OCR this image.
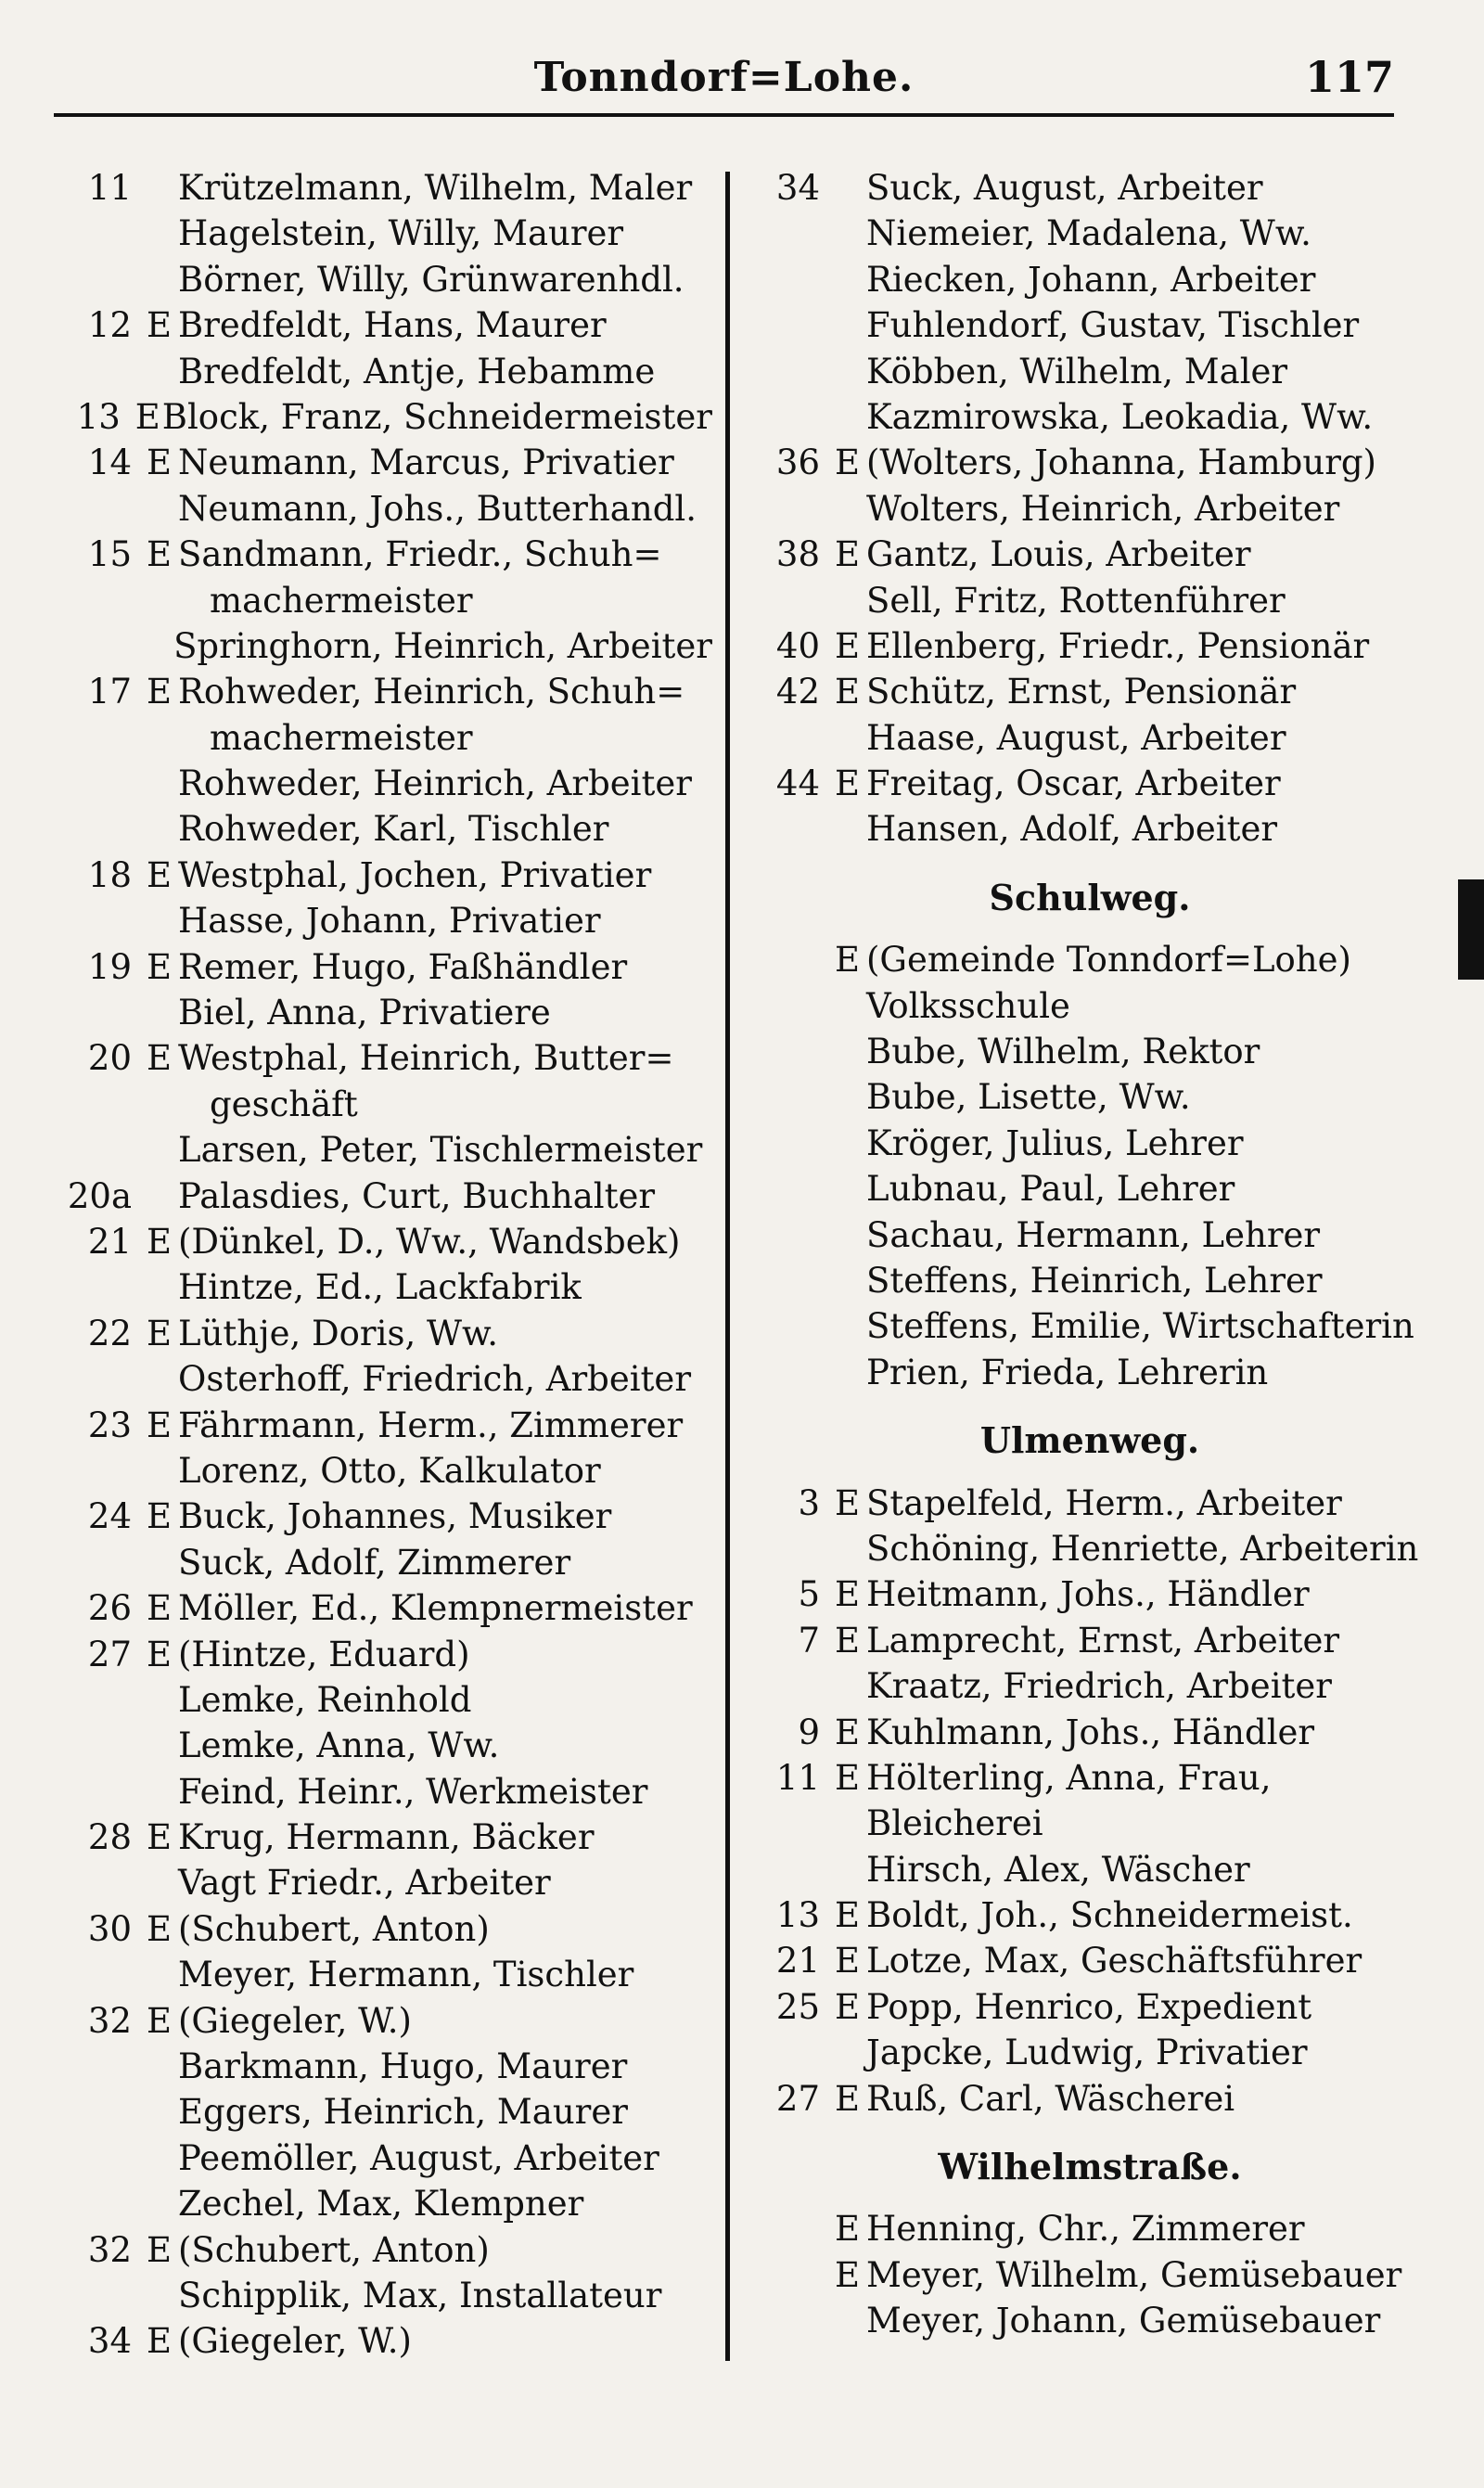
Tonndorf=Lohe.	117
11	Krützelmann, Wilhelm, Maler
Hagelstein, Willy, Maurer
Börner, Willy, Grünwarenhdl.
12 E Bredfeldt, Hans, Maurer
Bredfeldt, Antje, Hebamme
13 E Block, Franz, Schneidermeister
14 E Neumann, Marcus, Privatier
Neumann, Johs., Butterhandl.
15 E Sandmann, Friedr., Schuh=
machermeister
Springhorn, Heinrich, Arbeiter
17 E Rohweder, Heinrich, Schuh=
machermeister
Rohweder, Heinrich, Arbeiter
Rohweder, Karl, Tischler
18 E Westphal, Jochen, Privatier
Hasse, Johann, Privatier
19 E Remer, Hugo, Faßhändler
Biel, Anna, Privatiere
20 E Westphal, Heinrich, Butter=
geschäft
Larsen, Peter, Tischlermeister
20a	Palasdies, Curt, Buchhalter
21 E (Dünkel, D., Ww., Wandsbek)
Hintze, Ed., Lackfabrik
22 E Lüthje, Doris, Ww.
Osterhoff, Friedrich, Arbeiter
23 E Fährmann, Herm., Zimmerer
Lorenz, Otto, Kalkulator
24 E Buck, Johannes, Musiker
Suck, Adolf, Zimmerer
26 E Möller, Ed., Klempnermeister
27 E (Hintze, Eduard)
Lemke, Reinhold
Lemke, Anna, Ww.
Feind, Heinr., Werkmeister
28 E Krug, Hermann, Bäcker
Vagt Friedr., Arbeiter
30 E (Schubert, Anton)
Meyer, Hermann, Tischler
32 E (Giegeler, W.)
Barkmann, Hugo, Maurer
Eggers, Heinrich, Maurer
Peemöller, August, Arbeiter
Zechel, Max, Klempner
32 E (Schubert, Anton)
Schipplik, Max, Installateur
34 E (Giegeler, W.)
34	Suck, August, Arbeiter
Niemeier, Madalena, Ww.
Riecken, Johann, Arbeiter
Fuhlendorf, Gustav, Tischler
Köbben, Wilhelm, Maler
Kazmirowska, Leokadia, Ww.
36 E (Wolters, Johanna, Hamburg)
Wolters, Heinrich, Arbeiter
38 E Gantz, Louis, Arbeiter
Sell, Fritz, Rottenführer
40 E Ellenberg, Friedr., Pensionär
42 E Schütz, Ernst, Pensionär
Haase, August, Arbeiter
44 E Freitag, Oscar, Arbeiter
Hansen, Adolf, Arbeiter
Schulweg.
E (Gemeinde Tonndorf=Lohe)
Volksschule
Bube, Wilhelm, Rektor
Bube, Lisette, Ww.
Kröger, Julius, Lehrer
Lubnau, Paul, Lehrer
Sachau, Hermann, Lehrer
Steffens, Heinrich, Lehrer
Steffens, Emilie, Wirtschafterin
Prien, Frieda, Lehrerin
Ulmenweg.
3 E Stapelfeld, Herm., Arbeiter
Schöning, Henriette, Arbeiterin
5 E Heitmann, Johs., Händler
7 E Lamprecht, Ernst, Arbeiter
Kraatz, Friedrich, Arbeiter
9 E Kuhlmann, Johs., Händler
11 E Hölterling, Anna, Frau,
Bleicherei
Hirsch, Alex, Wäscher
13 E Boldt, Joh., Schneidermeist.
21 E Lotze, Max, Geschäftsführer
25 E Popp, Henrico, Expedient
Japcke, Ludwig, Privatier
27 E Ruß, Carl, Wäscherei
Wilhelmstraße.
E Henning, Chr., Zimmerer
E Meyer, Wilhelm, Gemüsebauer
Meyer, Johann, Gemüsebauer
